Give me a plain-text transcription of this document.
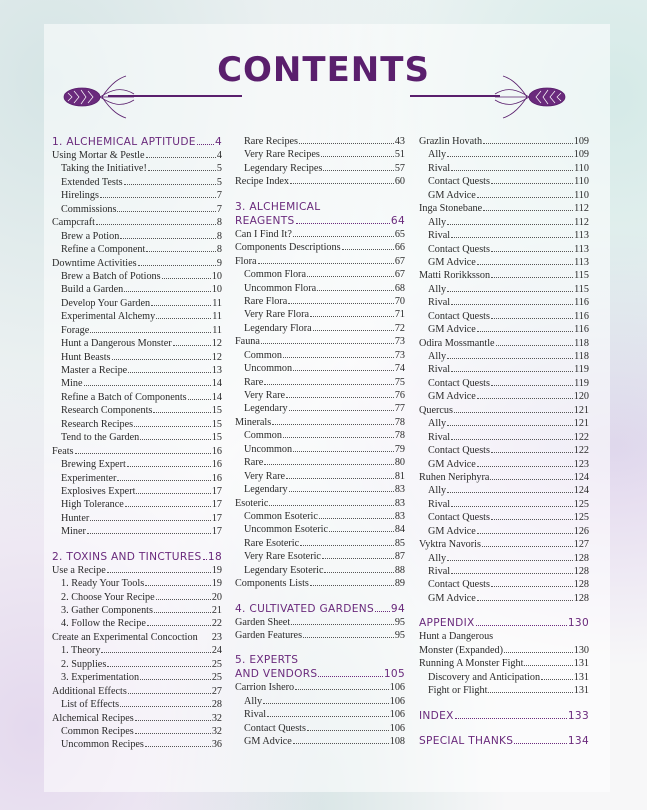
CONTENTS
1. ALCHEMICAL APTITUDE 4
Using Mortar & Pestle	4
Taking the Initiative!	5
Extended Tests	5
Hirelings	7
Commissions	7
Campcraft	8
Brew a Potion	8
Refine a Component	8
Downtime Activities	9
Brew a Batch of Potions	10
Build a Garden	10
Develop Your Garden	11
Experimental Alchemy	11
Forage	11
Hunt a Dangerous Monster	12
Hunt Beasts	12
Master a Recipe	13
Mine	14
Refine a Batch of Components 14
Research Components	15
Research Recipes	15
Tend to the Garden	15
Feats	16
Brewing Expert	16
Experimenter	16
Explosives Expert	17
High Tolerance	17
Hunter	17
Miner	17
2. TOXINS AND TINCTURES 18
Use a Recipe	19
1. Ready Your Tools	19
2. Choose Your Recipe	20
3. Gather Components	21
4. Follow the Recipe	22
Create an Experimental Concoction 23
1. Theory	24
2. Supplies	25
3. Experimentation	25
Additional Effects	27
List of Effects	28
Alchemical Recipes	32
Common Recipes	32
Uncommon Recipes	36
Rare Recipes	43
Very Rare Recipes	51
Legendary Recipes	57
Recipe Index	60
3. ALCHEMICAL
REAGENTS	64
Can I Find It?	65
Components Descriptions	66
Flora	67
Common Flora	67
Uncommon Flora	68
Rare Flora	70
Very Rare Flora	71
Legendary Flora	72
Fauna	73
Common	73
Uncommon	74
Rare	75
Very Rare	76
Legendary	77
Minerals	78
Common	78
Uncommon	79
Rare	80
Very Rare	81
Legendary	83
Esoteric	83
Common Esoteric	83
Uncommon Esoteric	84
Rare Esoteric	85
Very Rare Esoteric	87
Legendary Esoteric	88
Components Lists	89
4. CULTIVATED GARDENS 94
Garden Sheet	95
Garden Features	95
5. EXPERTS
AND VENDORS	105
Carrion Ishero	106
Ally	106
Rival	106
Contact Quests	106
GM Advice	108
Grazlin Hovath	109
Ally	109
Rival	110
Contact Quests	110
GM Advice	110
Inga Stonebane	112
Ally	112
Rival	113
Contact Quests	113
GM Advice	113
Matti Rorikksson	115
Ally	115
Rival	116
Contact Quests	116
GM Advice	116
Odira Mossmantle	118
Ally	118
Rival	119
Contact Quests	119
GM Advice	120
Quercus	121
Ally	121
Rival	122
Contact Quests	122
GM Advice	123
Ruhen Neriphyra	124
Ally	124
Rival	125
Contact Quests	125
GM Advice	126
Vyktra Navoris	127
Ally	128
Rival	128
Contact Quests	128
GM Advice	128
APPENDIX	130
Hunt a Dangerous
Monster (Expanded)	130
Running A Monster Fight	131
Discovery and Anticipation	131
Fight or Flight	131
INDEX	133
SPECIAL THANKS	134
